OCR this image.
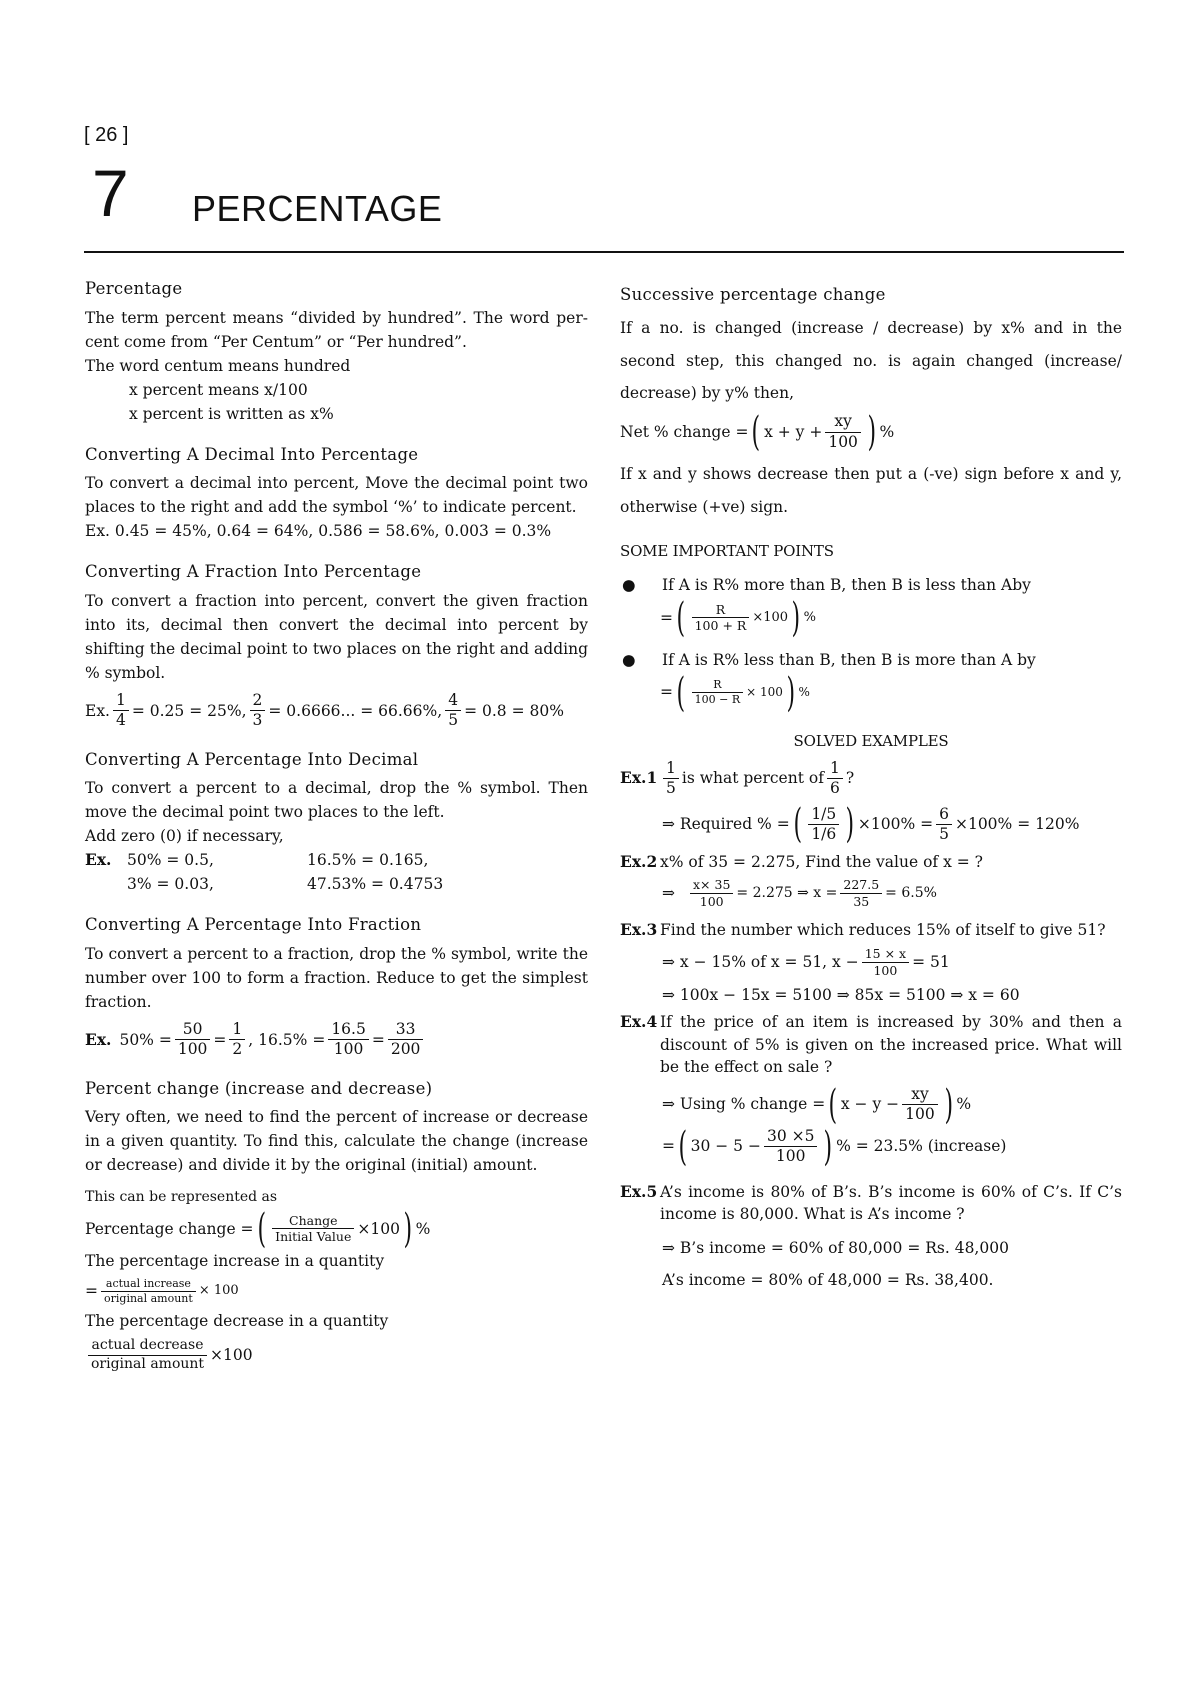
[ 26 ]
7 PERCENTAGE
Percentage

The term percent means “divided by hundred”. The word per-cent come from “Per Centum” or “Per hundred”.

The word centum means hundred

x percent means x/100

x percent is written as x%

Converting A Decimal Into Percentage

To convert a decimal into percent, Move the decimal point two places to the right and add the symbol ‘%’ to indicate percent.

Ex. 0.45 = 45%, 0.64 = 64%, 0.586 = 58.6%, 0.003 = 0.3%

Converting A Fraction Into Percentage

To convert a fraction into percent, convert the given fraction into its, decimal then convert the decimal into percent by shifting the decimal point to two places on the right and adding % symbol.

Ex. $\frac{1}{4} = 0.25 = 25\%$, $\frac{2}{3} = 0.6666$... = 66.66%, $\frac{4}{5} = 0.8 = 80\%$
Converting A Percentage Into Decimal

To convert a percent to a decimal, drop the % symbol. Then move the decimal point two places to the left.

Add zero (0) if necessary,

Ex. 50% = 0.5,	16.5% = 0.165,

3% = 0.03,	47.53% = 0.4753

Converting A Percentage Into Fraction

To convert a percent to a fraction, drop the % symbol, write the number over 100 to form a fraction. Reduce to get the simplest fraction.

Ex. $50\% = \frac{50}{100} = \frac{1}{2}$ , $16.5\% = \frac{16.5}{100} = \frac{33}{200}$
Percent change (increase and decrease)

Very often, we need to find the percent of increase or decrease in a given quantity. To find this, calculate the change (increase or decrease) and divide it by the original (initial) amount.

This can be represented as

Percentage change = ( $\frac{\text{Change}}{\text{Initial Value}} \times 100$ ) %

The percentage increase in a quantity

= $\frac{\text{actual increase}}{\text{original amount}} \times 100$

The percentage decrease in a quantity

$\frac{\text{actual decrease}}{\text{original amount}} \times 100$
Successive percentage change

If a no. is changed (increase / decrease) by x% and in the second step, this changed no. is again changed (increase/ decrease) by y% then,

Net % change = ( $x + y + \frac{xy}{100}$ ) %

If x and y shows decrease then put a (-ve) sign before x and y, otherwise (+ve) sign.

SOME IMPORTANT POINTS
●	If A is R% more than B, then B is less than Aby
= ( $\frac{R}{100 + R} \times 100$ ) %
●	If A is R% less than B, then B is more than A by
= ( $\frac{R}{100 - R} \times 100$ ) %
SOLVED EXAMPLES
$Ex.1 \frac{1}{5}$ is what percent of $\frac{1}{6}$ ?
⇒ Required % = ( $\frac{1/5}{1/6}$ ) $\times 100\% = \frac{6}{5} \times 100\% = 120\%$
Ex.2 x% of 35 = 2.275, Find the value of x = ?
⇒ $\frac{x\times 35}{100} = 2.275$ ⇒ $x = \frac{227.5}{35} = 6.5\%$
Ex.3 Find the number which reduces 15% of itself to give 51?
⇒ x − 15% of x = 51, $x - \frac{15 \times x}{100} = 51$

⇒ 100x − 15x = 5100 ⇒ 85x = 5100 ⇒ x = 60

Ex.4 If the price of an item is increased by 30% and then a discount of 5% is given on the increased price. What will be the effect on sale ?
⇒ Using % change = ( $x - y - \frac{xy}{100}$ ) %
= ( $30 - 5 - \frac{30 \times 5}{100}$ ) % = 23.5% (increase)
Ex.5 A’s income is 80% of B’s. B’s income is 60% of C’s. If C’s income is 80,000. What is A’s income ?

⇒ B’s income = 60% of 80,000 = Rs. 48,000

A’s income = 80% of 48,000 = Rs. 38,400.
